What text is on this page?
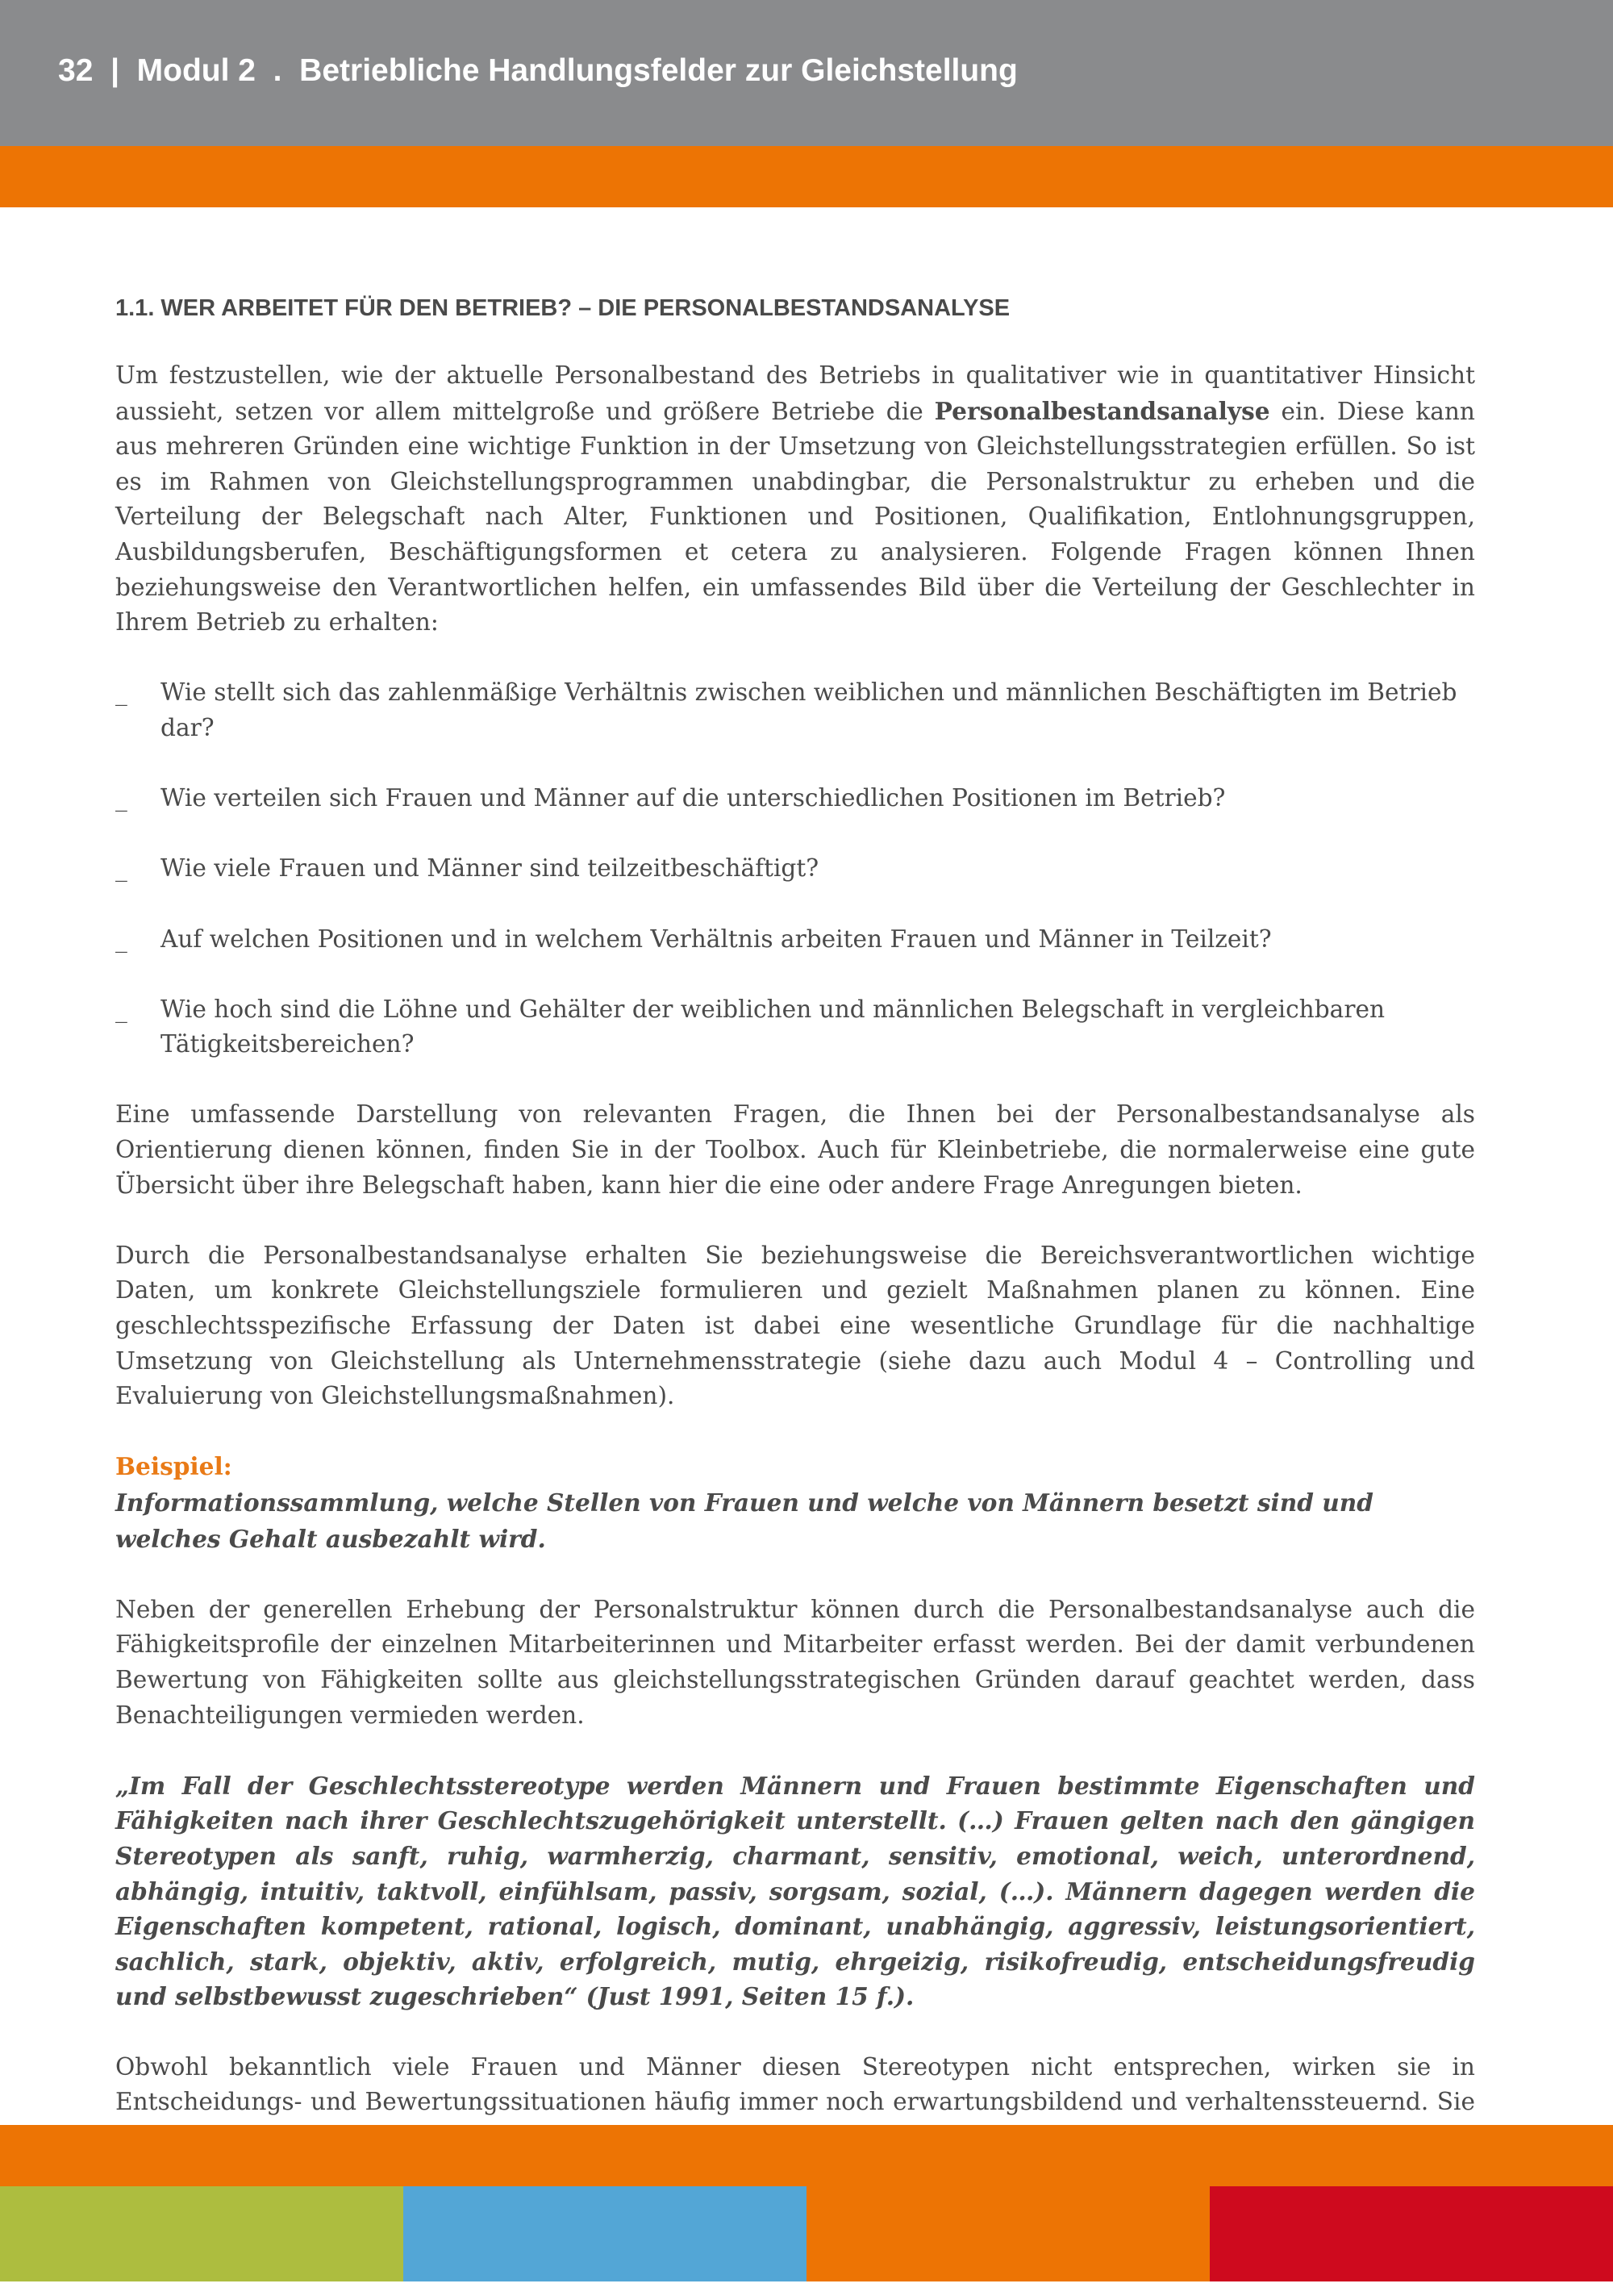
32 | Modul 2 . Betriebliche Handlungsfelder zur Gleichstellung
1.1. WER ARBEITET FÜR DEN BETRIEB? – DIE PERSONALBESTANDSANALYSE

Um festzustellen, wie der aktuelle Personalbestand des Betriebs in qualitativer wie in quantitativer Hinsicht aussieht, setzen vor allem mittelgroße und größere Betriebe die Personalbestandsanalyse ein. Diese kann aus mehreren Gründen eine wichtige Funktion in der Umsetzung von Gleichstellungsstrategien erfüllen. So ist es im Rahmen von Gleichstellungsprogrammen unabdingbar, die Personalstruktur zu erheben und die Verteilung der Belegschaft nach Alter, Funktionen und Positionen, Qualifikation, Entlohnungsgruppen, Ausbildungsberufen, Beschäftigungsformen et cetera zu analysieren. Folgende Fragen können Ihnen beziehungsweise den Verantwortlichen helfen, ein umfassendes Bild über die Verteilung der Geschlechter in Ihrem Betrieb zu erhalten:

_ Wie stellt sich das zahlenmäßige Verhältnis zwischen weiblichen und männlichen Beschäftigten im Betrieb dar?
_ Wie verteilen sich Frauen und Männer auf die unterschiedlichen Positionen im Betrieb?
_ Wie viele Frauen und Männer sind teilzeitbeschäftigt?
_ Auf welchen Positionen und in welchem Verhältnis arbeiten Frauen und Männer in Teilzeit?
_ Wie hoch sind die Löhne und Gehälter der weiblichen und männlichen Belegschaft in vergleichbaren Tätigkeitsbereichen?

Eine umfassende Darstellung von relevanten Fragen, die Ihnen bei der Personalbestandsanalyse als Orientierung dienen können, finden Sie in der Toolbox. Auch für Kleinbetriebe, die normalerweise eine gute Übersicht über ihre Belegschaft haben, kann hier die eine oder andere Frage Anregungen bieten.

Durch die Personalbestandsanalyse erhalten Sie beziehungsweise die Bereichsverantwortlichen wichtige Daten, um konkrete Gleichstellungsziele formulieren und gezielt Maßnahmen planen zu können. Eine geschlechtsspezifische Erfassung der Daten ist dabei eine wesentliche Grundlage für die nachhaltige Umsetzung von Gleichstellung als Unternehmensstrategie (siehe dazu auch Modul 4 – Controlling und Evaluierung von Gleichstellungsmaßnahmen).

Beispiel:
Informationssammlung, welche Stellen von Frauen und welche von Männern besetzt sind und welches Gehalt ausbezahlt wird.

Neben der generellen Erhebung der Personalstruktur können durch die Personalbestandsanalyse auch die Fähigkeitsprofile der einzelnen Mitarbeiterinnen und Mitarbeiter erfasst werden. Bei der damit verbundenen Bewertung von Fähigkeiten sollte aus gleichstellungsstrategischen Gründen darauf geachtet werden, dass Benachteiligungen vermieden werden.

„Im Fall der Geschlechtsstereotype werden Männern und Frauen bestimmte Eigenschaften und Fähigkeiten nach ihrer Geschlechtszugehörigkeit unterstellt. (…) Frauen gelten nach den gängigen Stereotypen als sanft, ruhig, warmherzig, charmant, sensitiv, emotional, weich, unterordnend, abhängig, intuitiv, taktvoll, einfühlsam, passiv, sorgsam, sozial, (…). Männern dagegen werden die Eigenschaften kompetent, rational, logisch, dominant, unabhängig, aggressiv, leistungsorientiert, sachlich, stark, objektiv, aktiv, erfolgreich, mutig, ehrgeizig, risikofreudig, entscheidungsfreudig und selbstbewusst zugeschrieben“ (Just 1991, Seiten 15 f.).

Obwohl bekanntlich viele Frauen und Männer diesen Stereotypen nicht entsprechen, wirken sie in Entscheidungs- und Bewertungssituationen häufig immer noch erwartungsbildend und verhaltenssteuernd. Sie
